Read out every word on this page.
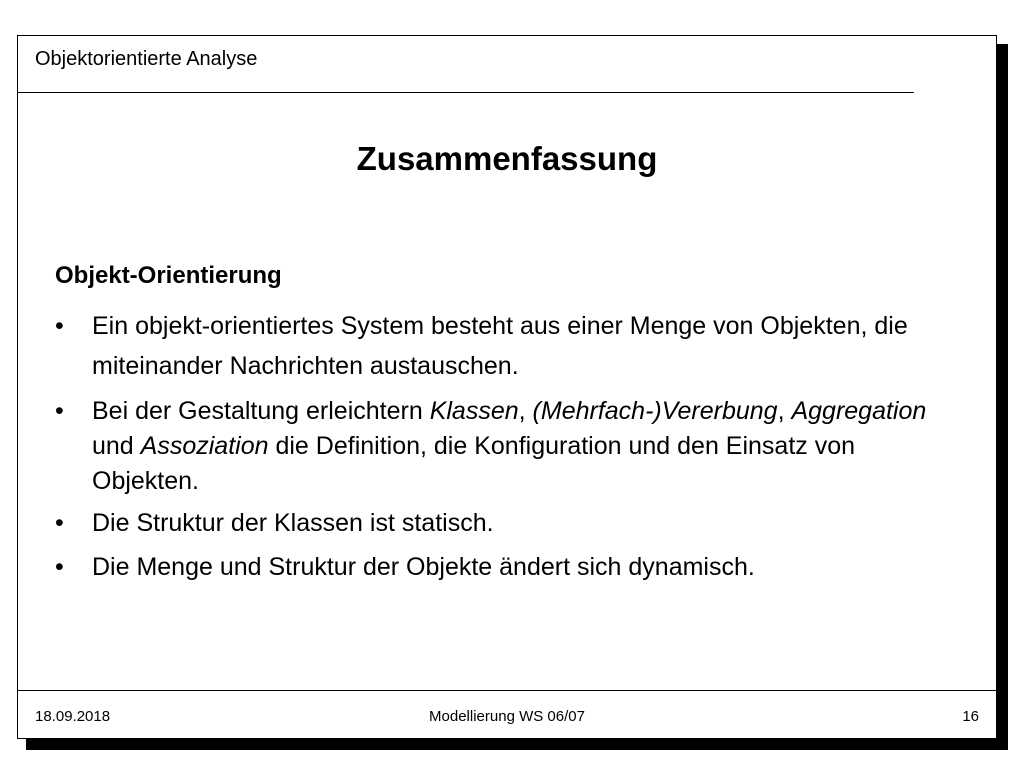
Objektorientierte Analyse
Zusammenfassung
Objekt-Orientierung
• Ein objekt-orientiertes System besteht aus einer Menge von Objekten, die miteinander Nachrichten austauschen.
• Bei der Gestaltung erleichtern Klassen, (Mehrfach-)Vererbung, Aggregation und Assoziation die Definition, die Konfiguration und den Einsatz von Objekten.
• Die Struktur der Klassen ist statisch.
• Die Menge und Struktur der Objekte ändert sich dynamisch.
18.09.2018	Modellierung WS 06/07	16
